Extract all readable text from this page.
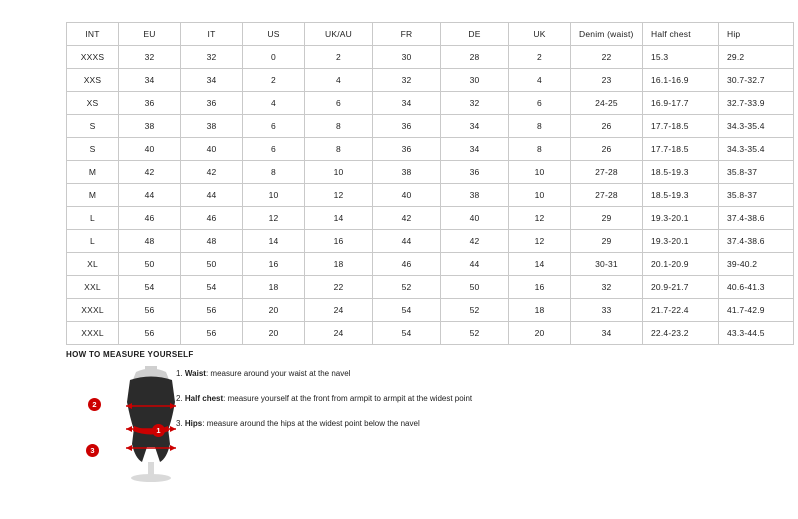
INT	EU	IT	US	UK/AU	FR	DE	UK	Denim (waist)	Half chest	Hip
XXXS	32	32	0	2	30	28	2	22	15.3	29.2
XXS	34	34	2	4	32	30	4	23	16.1-16.9	30.7-32.7
XS	36	36	4	6	34	32	6	24-25	16.9-17.7	32.7-33.9
S	38	38	6	8	36	34	8	26	17.7-18.5	34.3-35.4
S	40	40	6	8	36	34	8	26	17.7-18.5	34.3-35.4
M	42	42	8	10	38	36	10	27-28	18.5-19.3	35.8-37
M	44	44	10	12	40	38	10	27-28	18.5-19.3	35.8-37
L	46	46	12	14	42	40	12	29	19.3-20.1	37.4-38.6
L	48	48	14	16	44	42	12	29	19.3-20.1	37.4-38.6
XL	50	50	16	18	46	44	14	30-31	20.1-20.9	39-40.2
XXL	54	54	18	22	52	50	16	32	20.9-21.7	40.6-41.3
XXXL	56	56	20	24	54	52	18	33	21.7-22.4	41.7-42.9
XXXL	56	56	20	24	54	52	20	34	22.4-23.2	43.3-44.5
HOW TO MEASURE YOURSELF
1
2
3
1. Waist: measure around your waist at the navel
2. Half chest: measure yourself at the front from armpit to armpit at the widest point
3. Hips: measure around the hips at the widest point below the navel
